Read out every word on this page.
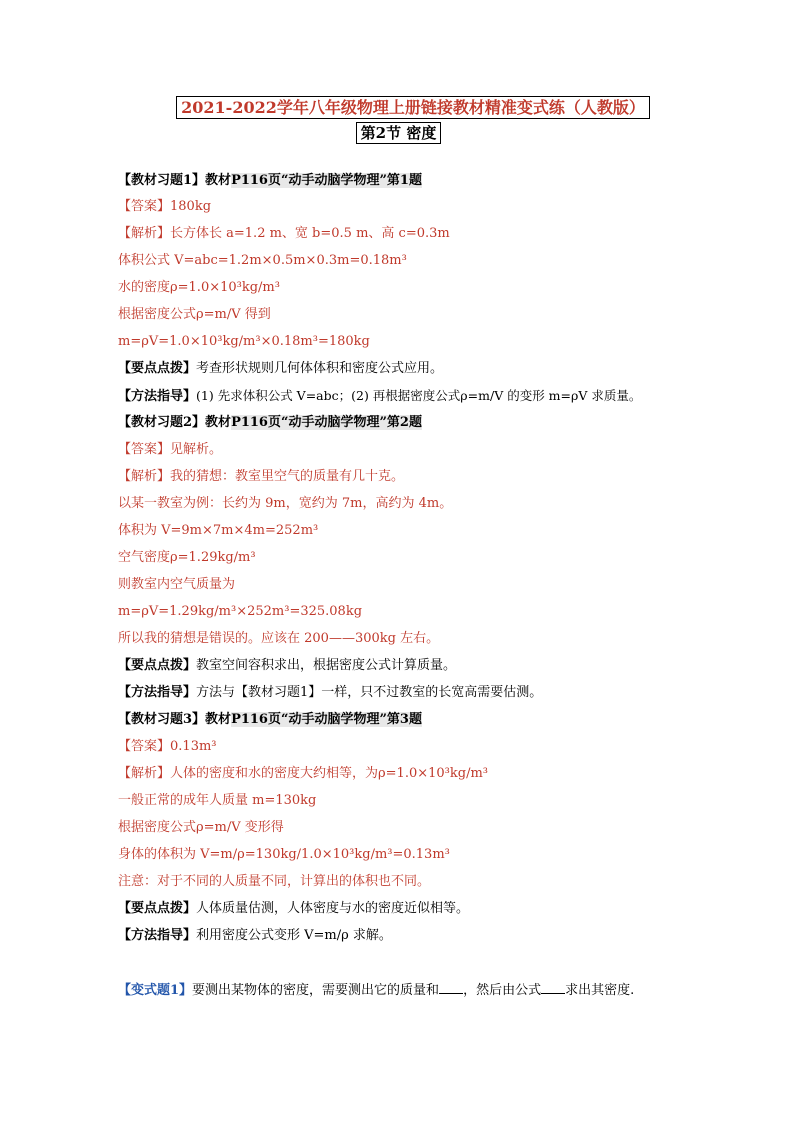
2021-2022学年八年级物理上册链接教材精准变式练（人教版）
第2节 密度
【教材习题1】教材P116页“动手动脑学物理”第1题
【答案】180kg
【解析】长方体长 a=1.2 m、宽 b=0.5 m、高 c=0.3m
体积公式 V=abc=1.2m×0.5m×0.3m=0.18m³
水的密度ρ=1.0×10³kg/m³
根据密度公式ρ=m/V 得到
m=ρV=1.0×10³kg/m³×0.18m³=180kg
【要点点拨】考查形状规则几何体体积和密度公式应用。
【方法指导】(1) 先求体积公式 V=abc；(2) 再根据密度公式ρ=m/V 的变形 m=ρV 求质量。
【教材习题2】教材P116页“动手动脑学物理”第2题
【答案】见解析。
【解析】我的猜想：教室里空气的质量有几十克。
以某一教室为例：长约为 9m，宽约为 7m，高约为 4m。
体积为 V=9m×7m×4m=252m³
空气密度ρ=1.29kg/m³
则教室内空气质量为
m=ρV=1.29kg/m³×252m³=325.08kg
所以我的猜想是错误的。应该在 200——300kg 左右。
【要点点拨】教室空间容积求出，根据密度公式计算质量。
【方法指导】方法与【教材习题1】一样，只不过教室的长宽高需要估测。
【教材习题3】教材P116页“动手动脑学物理”第3题
【答案】0.13m³
【解析】人体的密度和水的密度大约相等，为ρ=1.0×10³kg/m³
一般正常的成年人质量 m=130kg
根据密度公式ρ=m/V 变形得
身体的体积为 V=m/ρ=130kg/1.0×10³kg/m³=0.13m³
注意：对于不同的人质量不同，计算出的体积也不同。
【要点点拨】人体质量估测，人体密度与水的密度近似相等。
【方法指导】利用密度公式变形 V=m/ρ 求解。
【变式题1】要测出某物体的密度，需要测出它的质量和 ，然后由公式 求出其密度.
